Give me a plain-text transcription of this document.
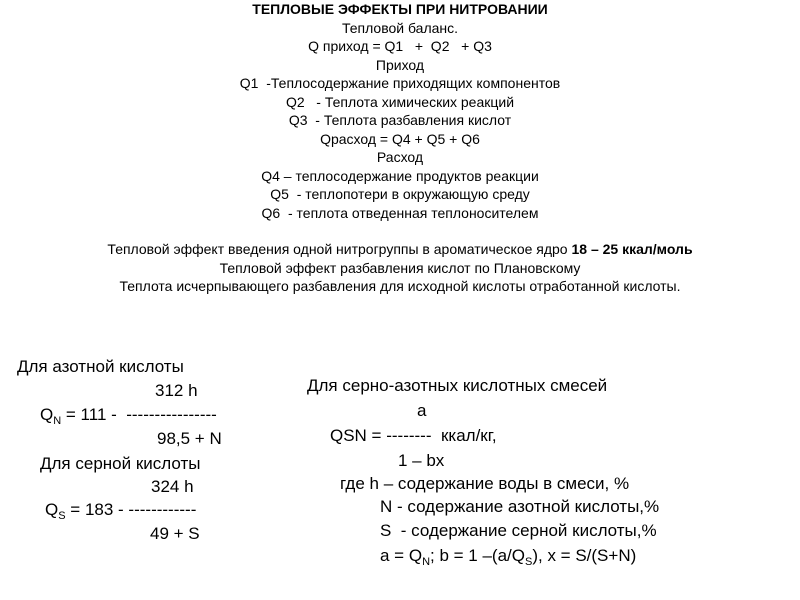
ТЕПЛОВЫЕ ЭФФЕКТЫ ПРИ НИТРОВАНИИ
Тепловой баланс.
Q приход = Q1   +  Q2   + Q3
Приход
Q1  -Теплосодержание приходящих компонентов
Q2   - Теплота химических реакций
Q3  - Теплота разбавления кислот
Qрасход = Q4 + Q5 + Q6
Расход
Q4 – теплосодержание продуктов реакции
Q5  - теплопотери в окружающую среду
Q6  - теплота отведенная теплоносителем
Тепловой эффект введения одной нитрогруппы в ароматическое ядро 18 – 25 ккал/моль
Тепловой эффект разбавления кислот по Плановскому
Теплота исчерпывающего разбавления для исходной кислоты отработанной кислоты.
Для азотной кислоты
312 h
$Q_N = 111$ -  ----------------
98,5 + N
Для серной кислоты
324 h
$Q_S = 183$ - ------------
49 + S
Для серно-азотных кислотных смесей
a
QSN = --------  ккал/кг,
1 – bx
где h – содержание воды в смеси, %
N - содержание азотной кислоты,%
S  - содержание серной кислоты,%
$a = Q_N$; b = 1 $-(a/Q_S)$, x = S/(S+N)
